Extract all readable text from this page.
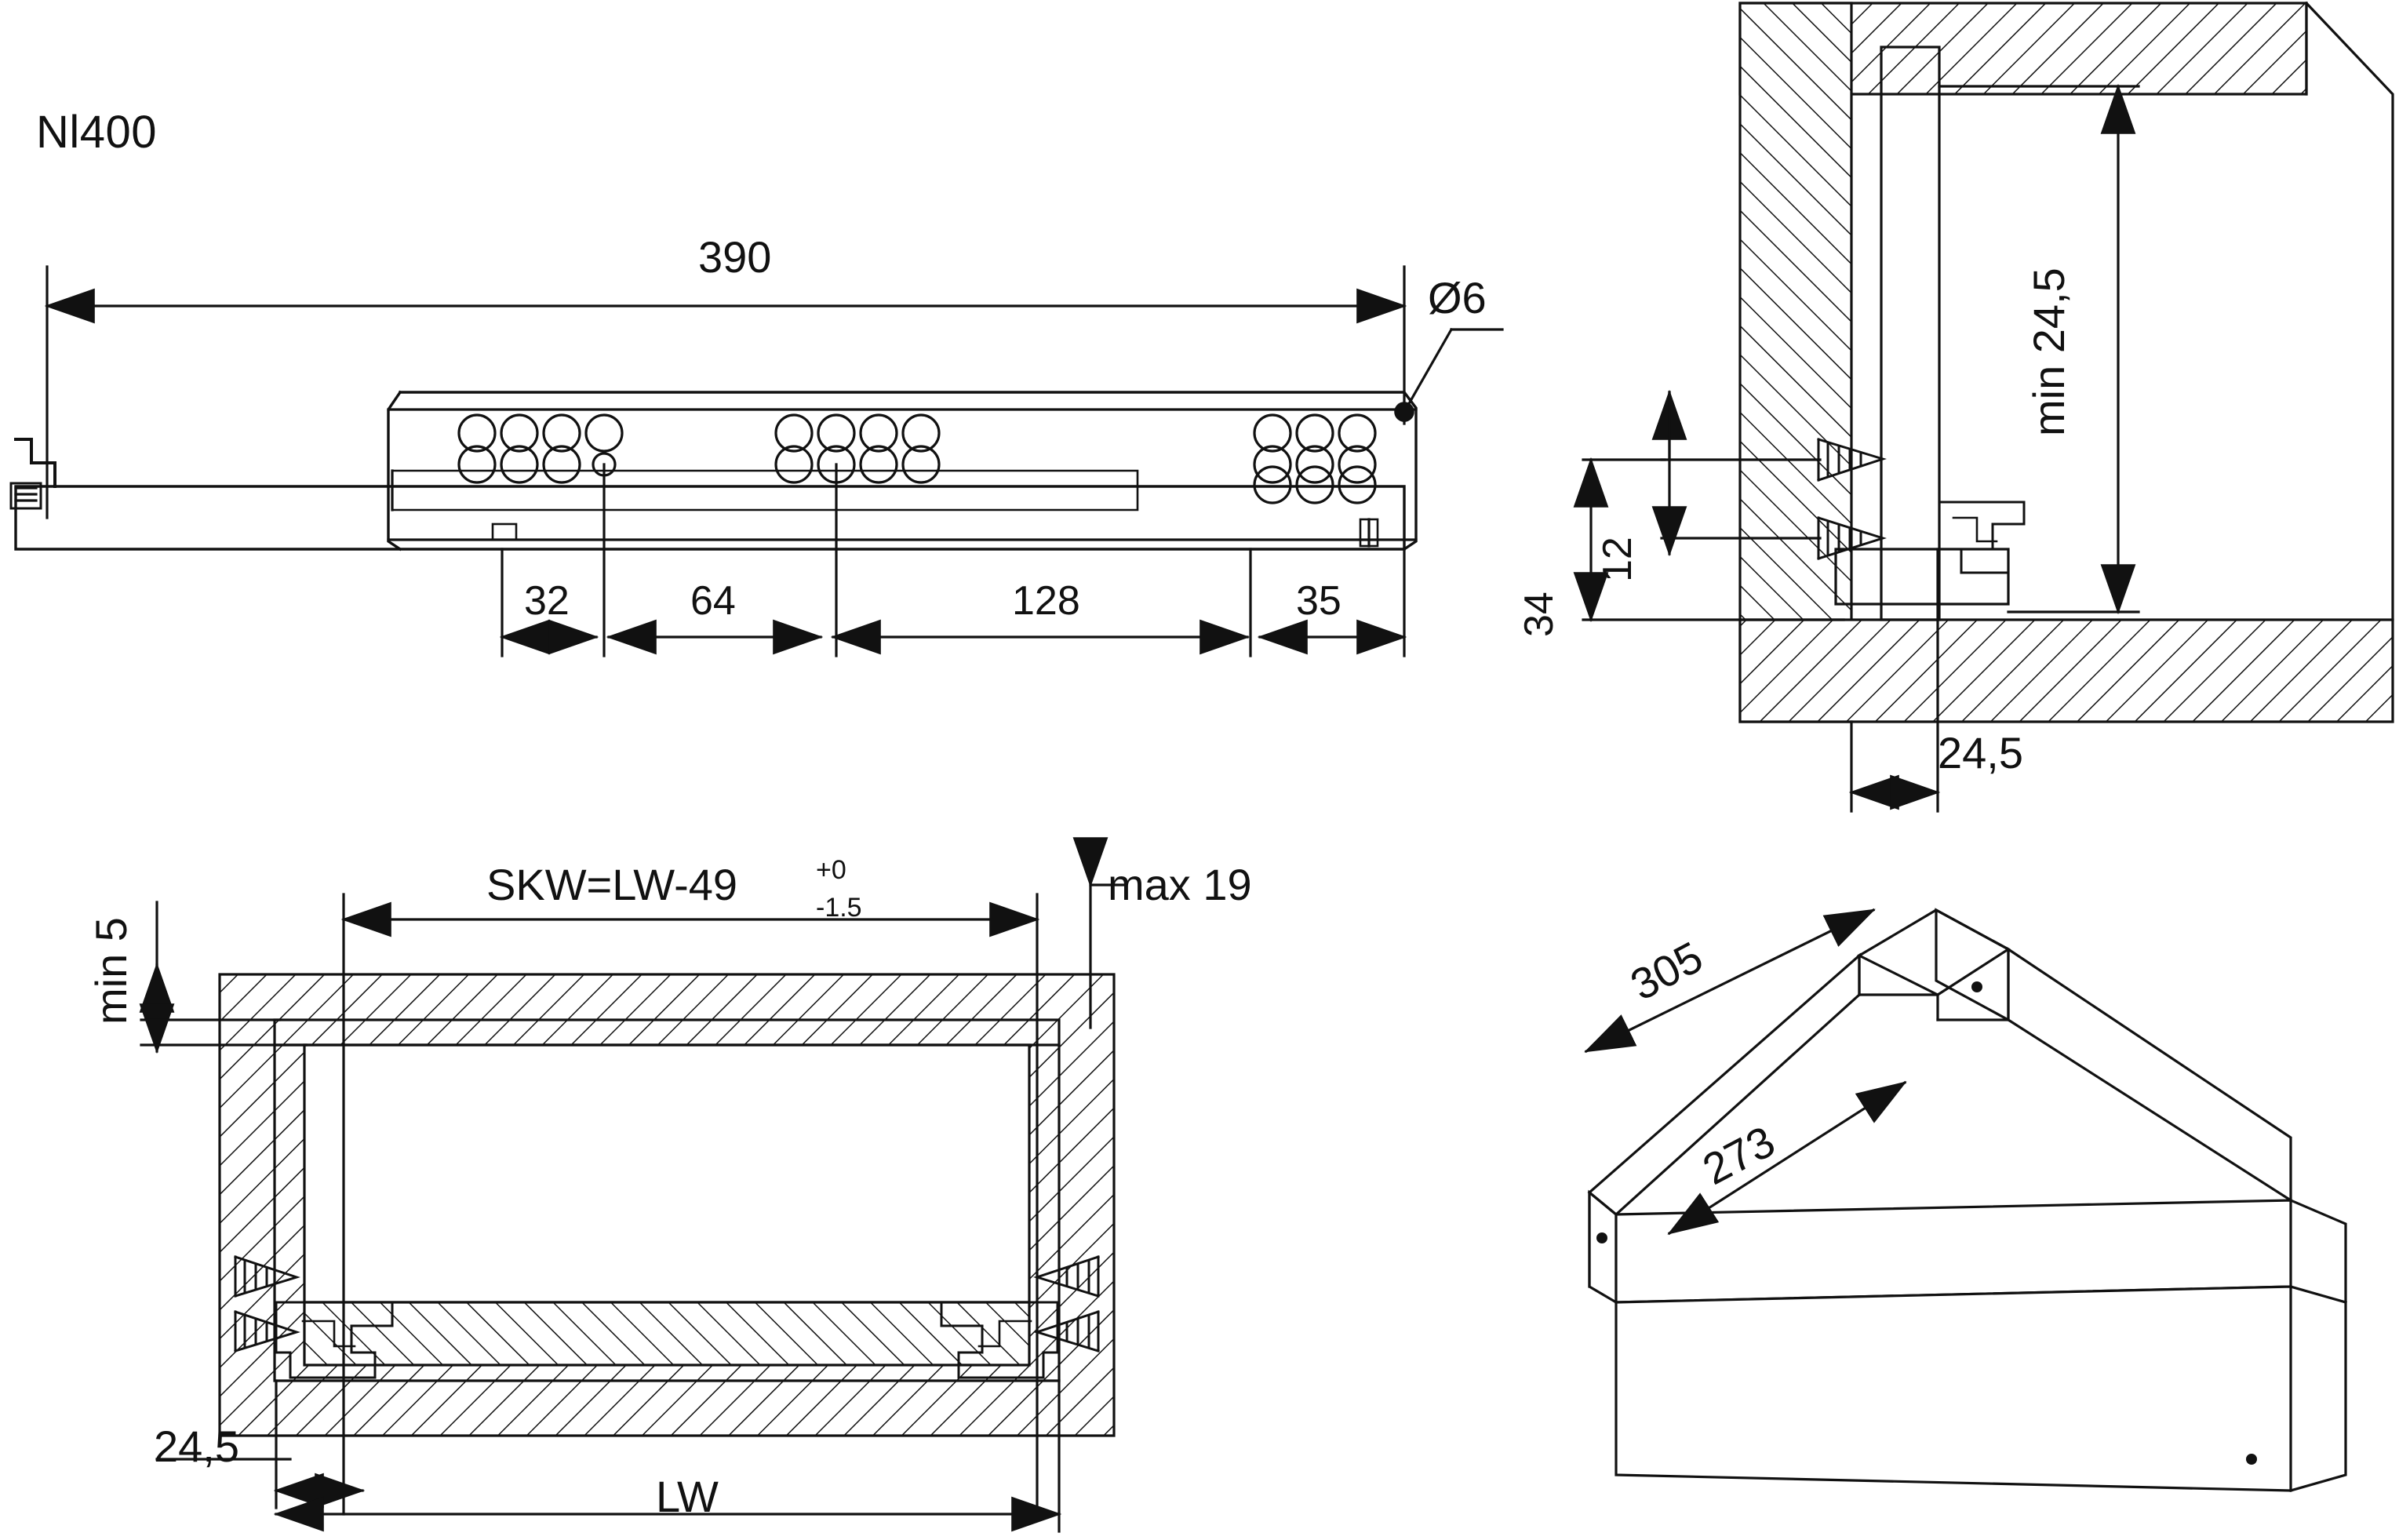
Nl400
390
Ø6
32	64	128	35
min 24,5
12
34
24,5
min 5
SKW=LW-49	+0
-1.5	max 19
24,5
LW
305
273
